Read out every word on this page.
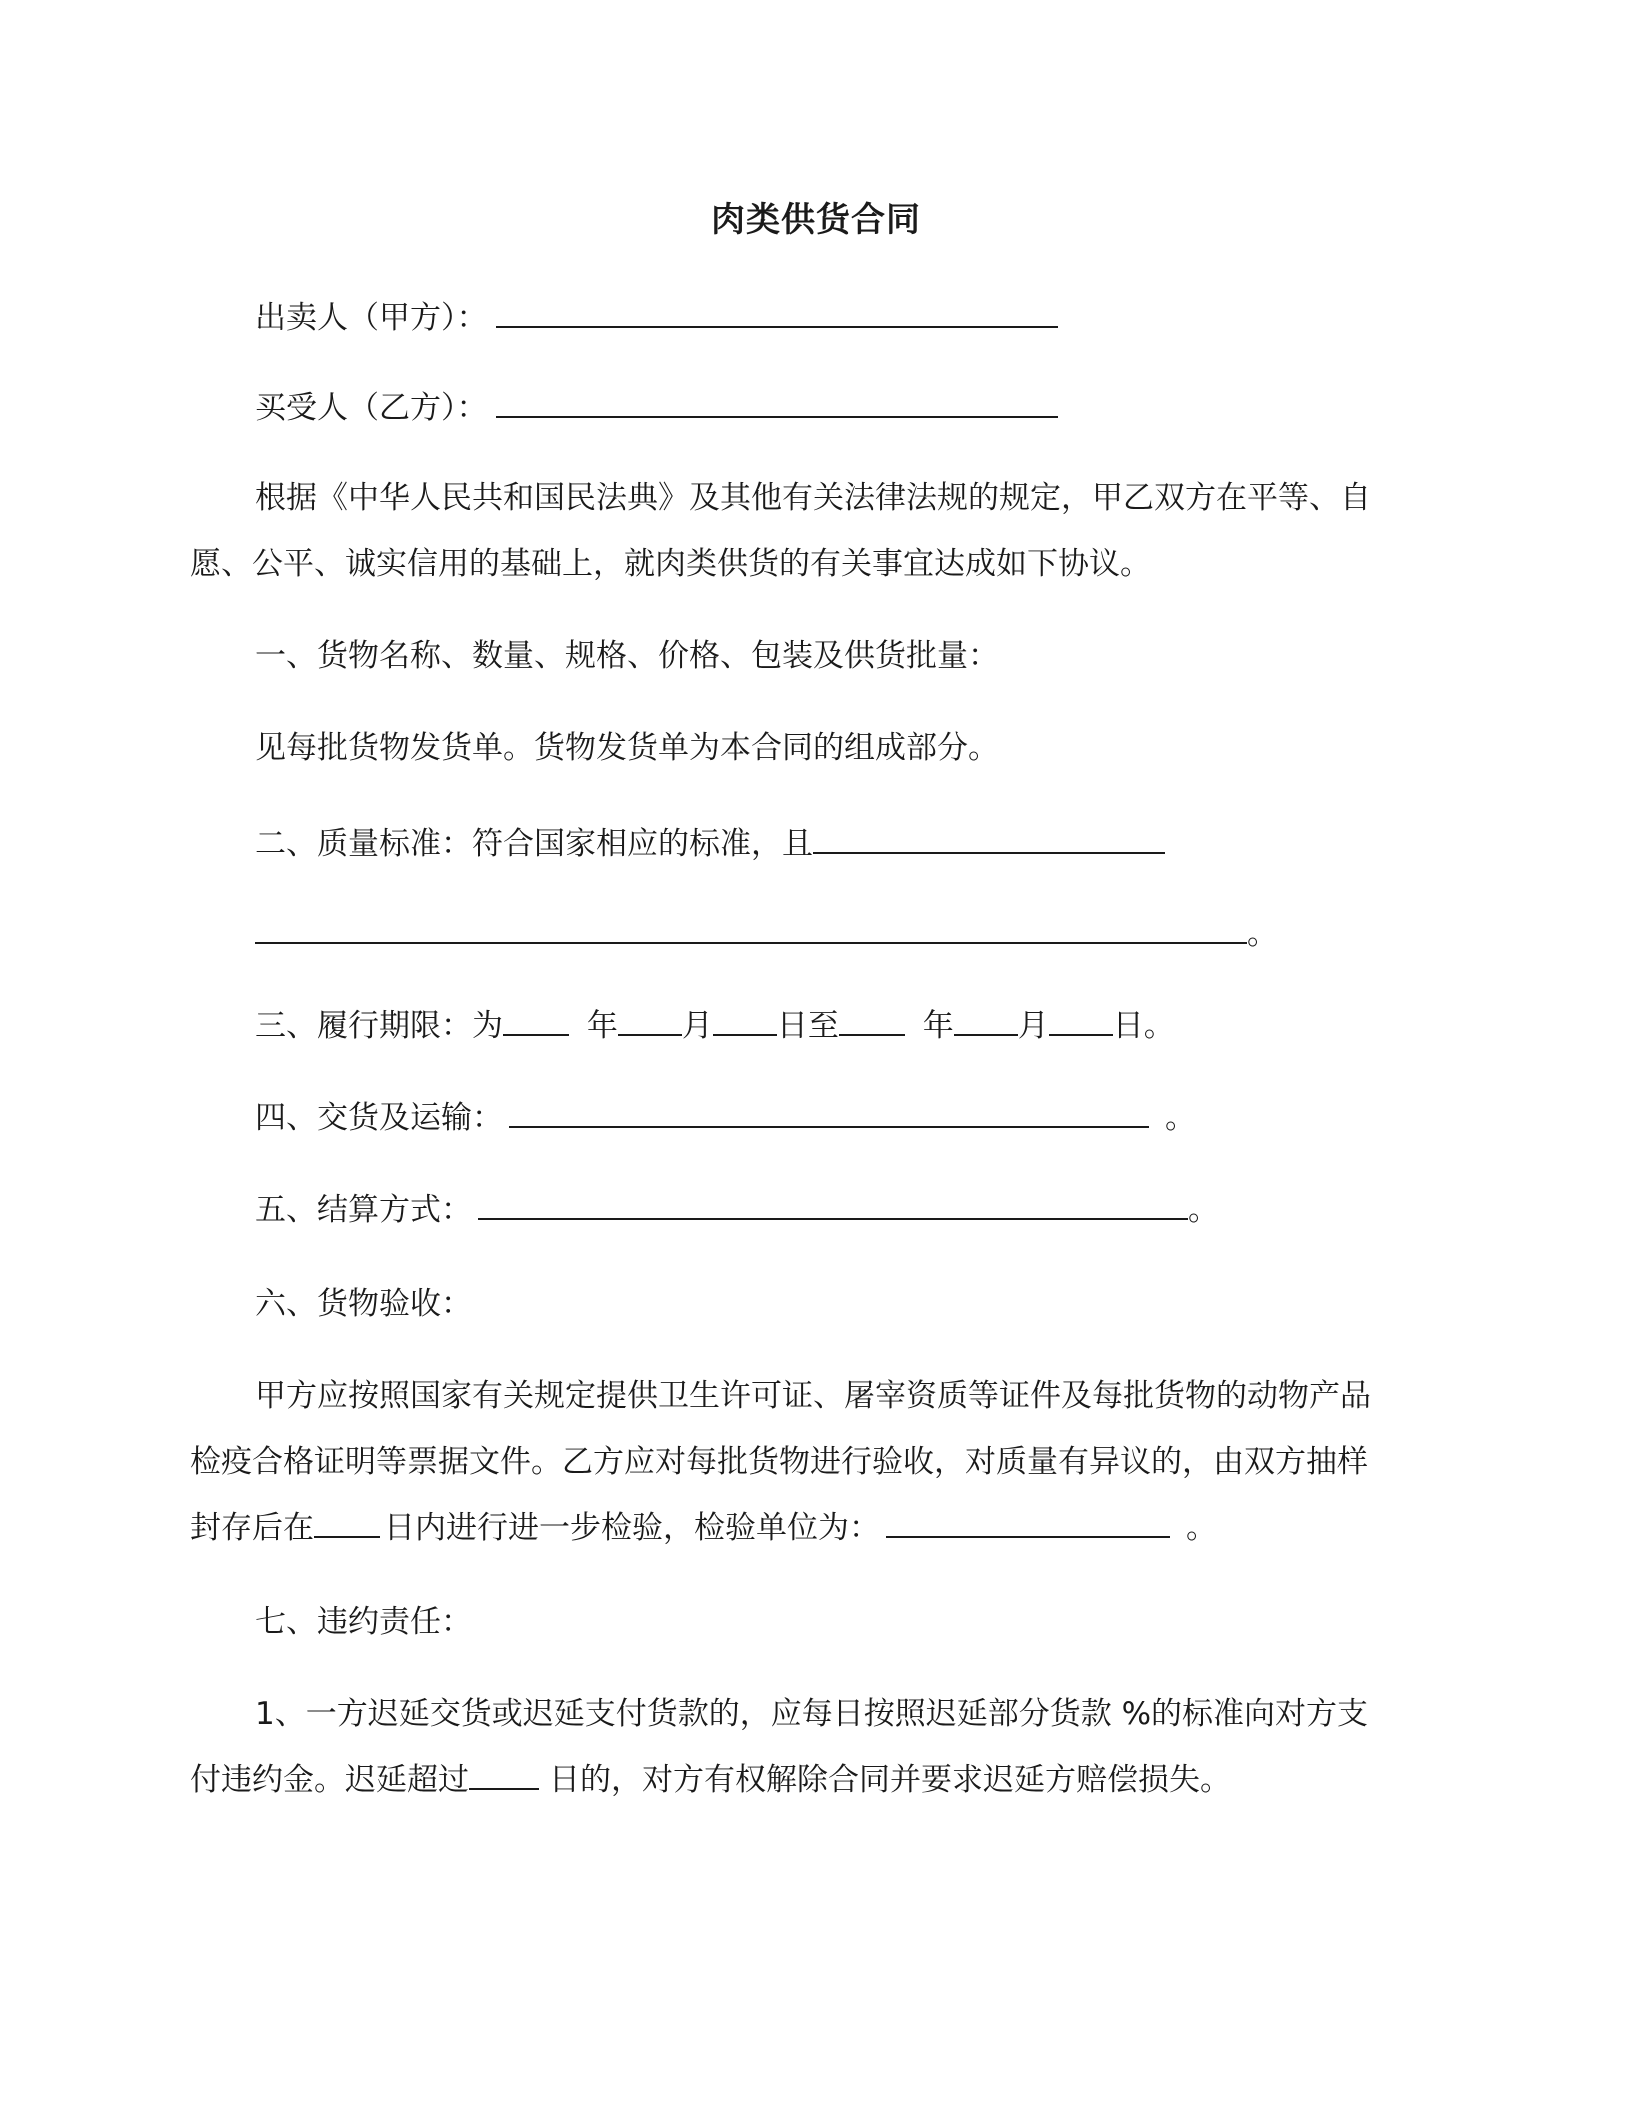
肉类供货合同
出卖人（甲方）：
买受人（乙方）：
根据《中华人民共和国民法典》及其他有关法律法规的规定，甲乙双方在平等、自
愿、公平、诚实信用的基础上，就肉类供货的有关事宜达成如下协议。
一、货物名称、数量、规格、价格、包装及供货批量：
见每批货物发货单。货物发货单为本合同的组成部分。
二、质量标准：符合国家相应的标准，且
。
三、履行期限：为	年 月 日至	年 月 日。
四、交货及运输：	。
五、结算方式：	。
六、货物验收：
甲方应按照国家有关规定提供卫生许可证、屠宰资质等证件及每批货物的动物产品
检疫合格证明等票据文件。乙方应对每批货物进行验收，对质量有异议的，由双方抽样
封存后在 日内进行进一步检验，检验单位为：	。
七、违约责任：
1、一方迟延交货或迟延支付货款的，应每日按照迟延部分货款 %的标准向对方支
付违约金。迟延超过	日的，对方有权解除合同并要求迟延方赔偿损失。
